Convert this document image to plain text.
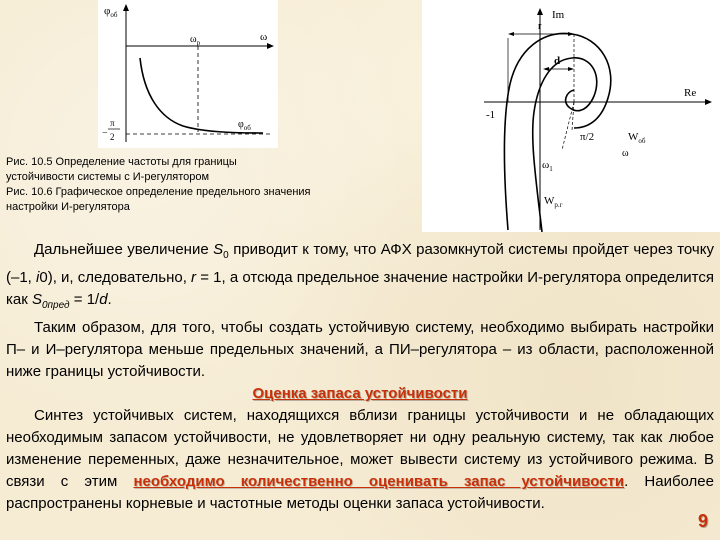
$\varphi_{об}$
ω
$\omega_р$
π
− 2
$\varphi_{об}$
Im
Re
-1
r
d
π/2	$W_{об}$
ω
$\omega_1$
$W_{р.г}$
Рис. 10.5 Определение частоты для границы
устойчивости системы с И-регулятором
Рис. 10.6 Графическое определение предельного значения
настройки И-регулятора

Дальнейшее увеличение $S_0$ приводит к тому, что АФХ разомкнутой системы пройдет через точку (–1, i0), и, следовательно, r = 1, а отсюда предельное значение настройки И-регулятора определится как $S_{0пред} = 1/d$.

Таким образом, для того, чтобы создать устойчивую систему, необходимо выбирать настройки П– и И–регулятора меньше предельных значений, а ПИ–регулятора – из области, расположенной ниже границы устойчивости.

Оценка запаса устойчивости

Синтез устойчивых систем, находящихся вблизи границы устойчивости и не обладающих необходимым запасом устойчивости, не удовлетворяет ни одну реальную систему, так как любое изменение переменных, даже незначительное, может вывести систему из устойчивого режима. В связи с этим необходимо количественно оценивать запас устойчивости. Наиболее распространены корневые и частотные методы оценки запаса устойчивости.

9
